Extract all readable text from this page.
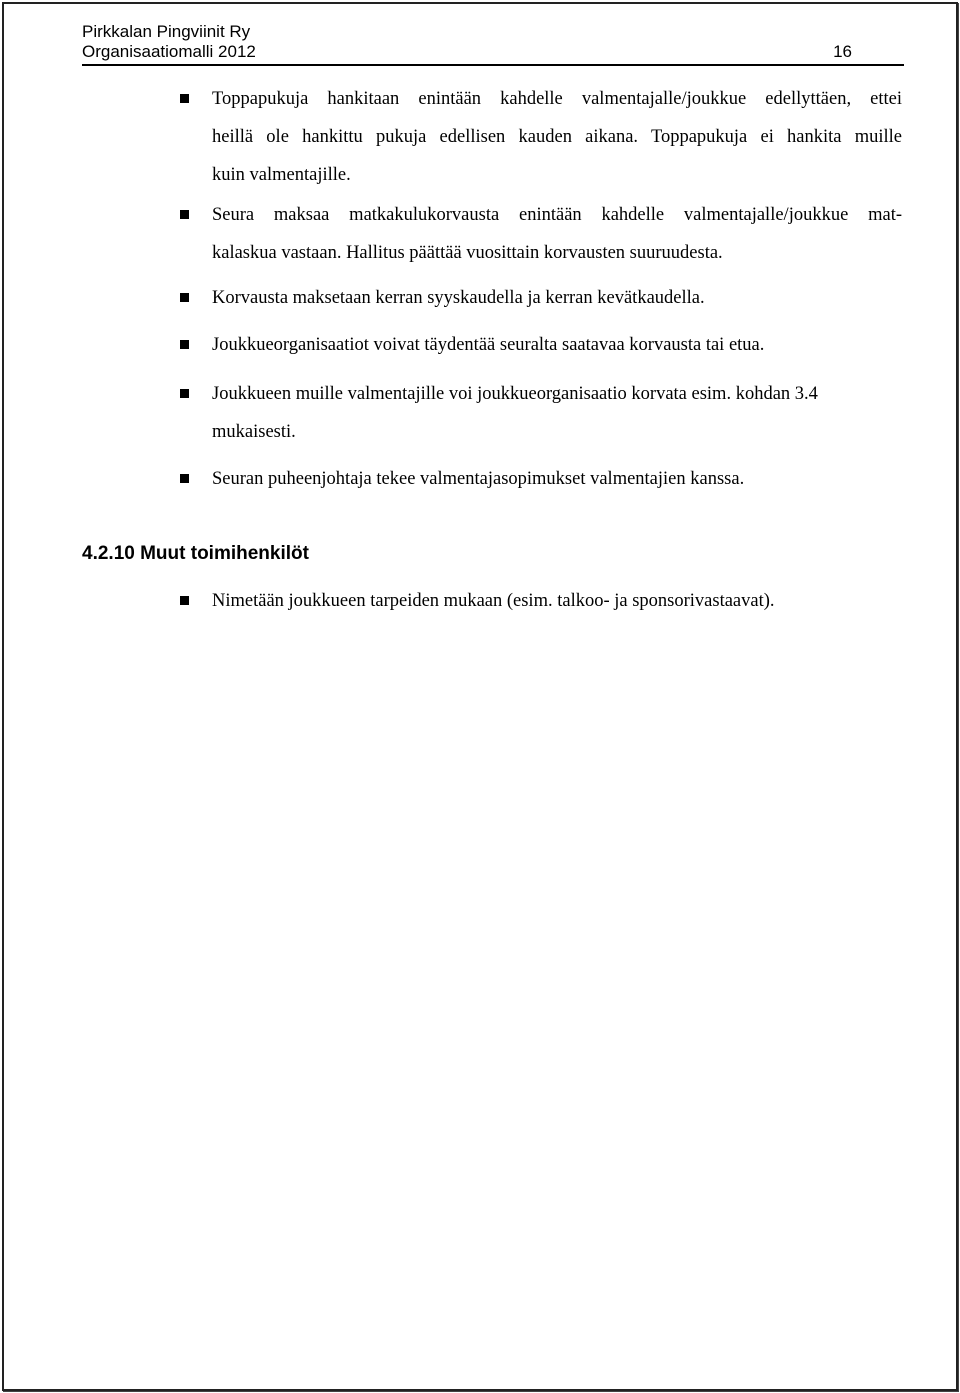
Pirkkalan Pingviinit Ry
Organisaatiomalli 2012	16

Toppapukuja hankitaan enintään kahdelle valmentajalle/joukkue edellyttäen, ettei
heillä ole hankittu pukuja edellisen kauden aikana. Toppapukuja ei hankita muille
kuin valmentajille.

Seura maksaa matkakulukorvausta enintään kahdelle valmentajalle/joukkue mat-
kalaskua vastaan. Hallitus päättää vuosittain korvausten suuruudesta.

Korvausta maksetaan kerran syyskaudella ja kerran kevätkaudella.

Joukkueorganisaatiot voivat täydentää seuralta saatavaa korvausta tai etua.

Joukkueen muille valmentajille voi joukkueorganisaatio korvata esim. kohdan 3.4
mukaisesti.

Seuran puheenjohtaja tekee valmentajasopimukset valmentajien kanssa.

4.2.10 Muut toimihenkilöt

Nimetään joukkueen tarpeiden mukaan (esim. talkoo- ja sponsorivastaavat).
